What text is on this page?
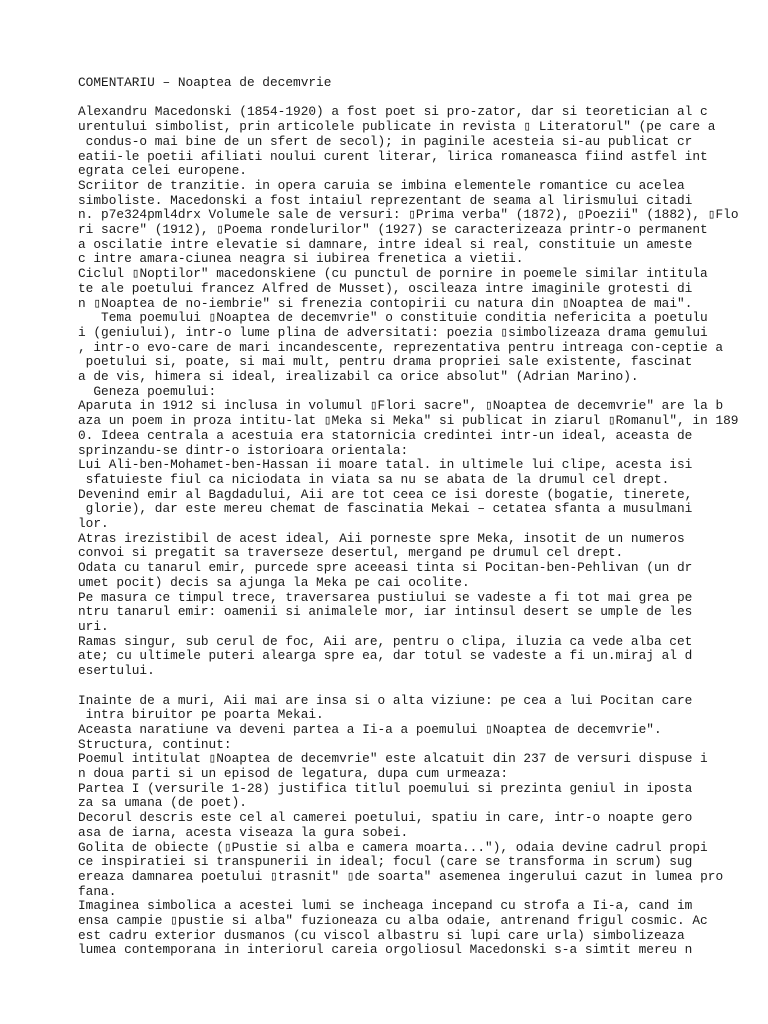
COMENTARIU – Noaptea de decemvrie
Alexandru Macedonski (1854-1920) a fost poet si pro-zator, dar si teoretician al c
urentului simbolist, prin articolele publicate in revista ▯ Literatorul" (pe care a
condus-o mai bine de un sfert de secol); in paginile acesteia si-au publicat cr
eatii-le poetii afiliati noului curent literar, lirica romaneasca fiind astfel int
egrata celei europene.
Scriitor de tranzitie. in opera caruia se imbina elementele romantice cu acelea
simboliste. Macedonski a fost intaiul reprezentant de seama al lirismului citadi
n. p7e324pml4drx Volumele sale de versuri: ▯Prima verba" (1872), ▯Poezii" (1882), ▯Flo
ri sacre" (1912), ▯Poema rondelurilor" (1927) se caracterizeaza printr-o permanent
a oscilatie intre elevatie si damnare, intre ideal si real, constituie un ameste
c intre amara-ciunea neagra si iubirea frenetica a vietii.
Ciclul ▯Noptilor" macedonskiene (cu punctul de pornire in poemele similar intitula
te ale poetului francez Alfred de Musset), oscileaza intre imaginile grotesti di
n ▯Noaptea de no-iembrie" si frenezia contopirii cu natura din ▯Noaptea de mai".
Tema poemului ▯Noaptea de decemvrie" o constituie conditia nefericita a poetulu
i (geniului), intr-o lume plina de adversitati: poezia ▯simbolizeaza drama gemului
, intr-o evo-care de mari incandescente, reprezentativa pentru intreaga con-ceptie a
poetului si, poate, si mai mult, pentru drama propriei sale existente, fascinat
a de vis, himera si ideal, irealizabil ca orice absolut" (Adrian Marino).
Geneza poemului:
Aparuta in 1912 si inclusa in volumul ▯Flori sacre", ▯Noaptea de decemvrie" are la b
aza un poem in proza intitu-lat ▯Meka si Meka" si publicat in ziarul ▯Romanul", in 189
0. Ideea centrala a acestuia era statornicia credintei intr-un ideal, aceasta de
sprinzandu-se dintr-o istorioara orientala:
Lui Ali-ben-Mohamet-ben-Hassan ii moare tatal. in ultimele lui clipe, acesta isi
sfatuieste fiul ca niciodata in viata sa nu se abata de la drumul cel drept.
Devenind emir al Bagdadului, Aii are tot ceea ce isi doreste (bogatie, tinerete,
glorie), dar este mereu chemat de fascinatia Mekai – cetatea sfanta a musulmani
lor.
Atras irezistibil de acest ideal, Aii porneste spre Meka, insotit de un numeros
convoi si pregatit sa traverseze desertul, mergand pe drumul cel drept.
Odata cu tanarul emir, purcede spre aceeasi tinta si Pocitan-ben-Pehlivan (un dr
umet pocit) decis sa ajunga la Meka pe cai ocolite.
Pe masura ce timpul trece, traversarea pustiului se vadeste a fi tot mai grea pe
ntru tanarul emir: oamenii si animalele mor, iar intinsul desert se umple de les
uri.
Ramas singur, sub cerul de foc, Aii are, pentru o clipa, iluzia ca vede alba cet
ate; cu ultimele puteri alearga spre ea, dar totul se vadeste a fi un.miraj al d
esertului.
Inainte de a muri, Aii mai are insa si o alta viziune: pe cea a lui Pocitan care
intra biruitor pe poarta Mekai.
Aceasta naratiune va deveni partea a Ii-a a poemului ▯Noaptea de decemvrie".
Structura, continut:
Poemul intitulat ▯Noaptea de decemvrie" este alcatuit din 237 de versuri dispuse i
n doua parti si un episod de legatura, dupa cum urmeaza:
Partea I (versurile 1-28) justifica titlul poemului si prezinta geniul in iposta
za sa umana (de poet).
Decorul descris este cel al camerei poetului, spatiu in care, intr-o noapte gero
asa de iarna, acesta viseaza la gura sobei.
Golita de obiecte (▯Pustie si alba e camera moarta..."), odaia devine cadrul propi
ce inspiratiei si transpunerii in ideal; focul (care se transforma in scrum) sug
ereaza damnarea poetului ▯trasnit" ▯de soarta" asemenea ingerului cazut in lumea pro
fana.
Imaginea simbolica a acestei lumi se incheaga incepand cu strofa a Ii-a, cand im
ensa campie ▯pustie si alba" fuzioneaza cu alba odaie, antrenand frigul cosmic. Ac
est cadru exterior dusmanos (cu viscol albastru si lupi care urla) simbolizeaza
lumea contemporana in interiorul careia orgoliosul Macedonski s-a simtit mereu n
